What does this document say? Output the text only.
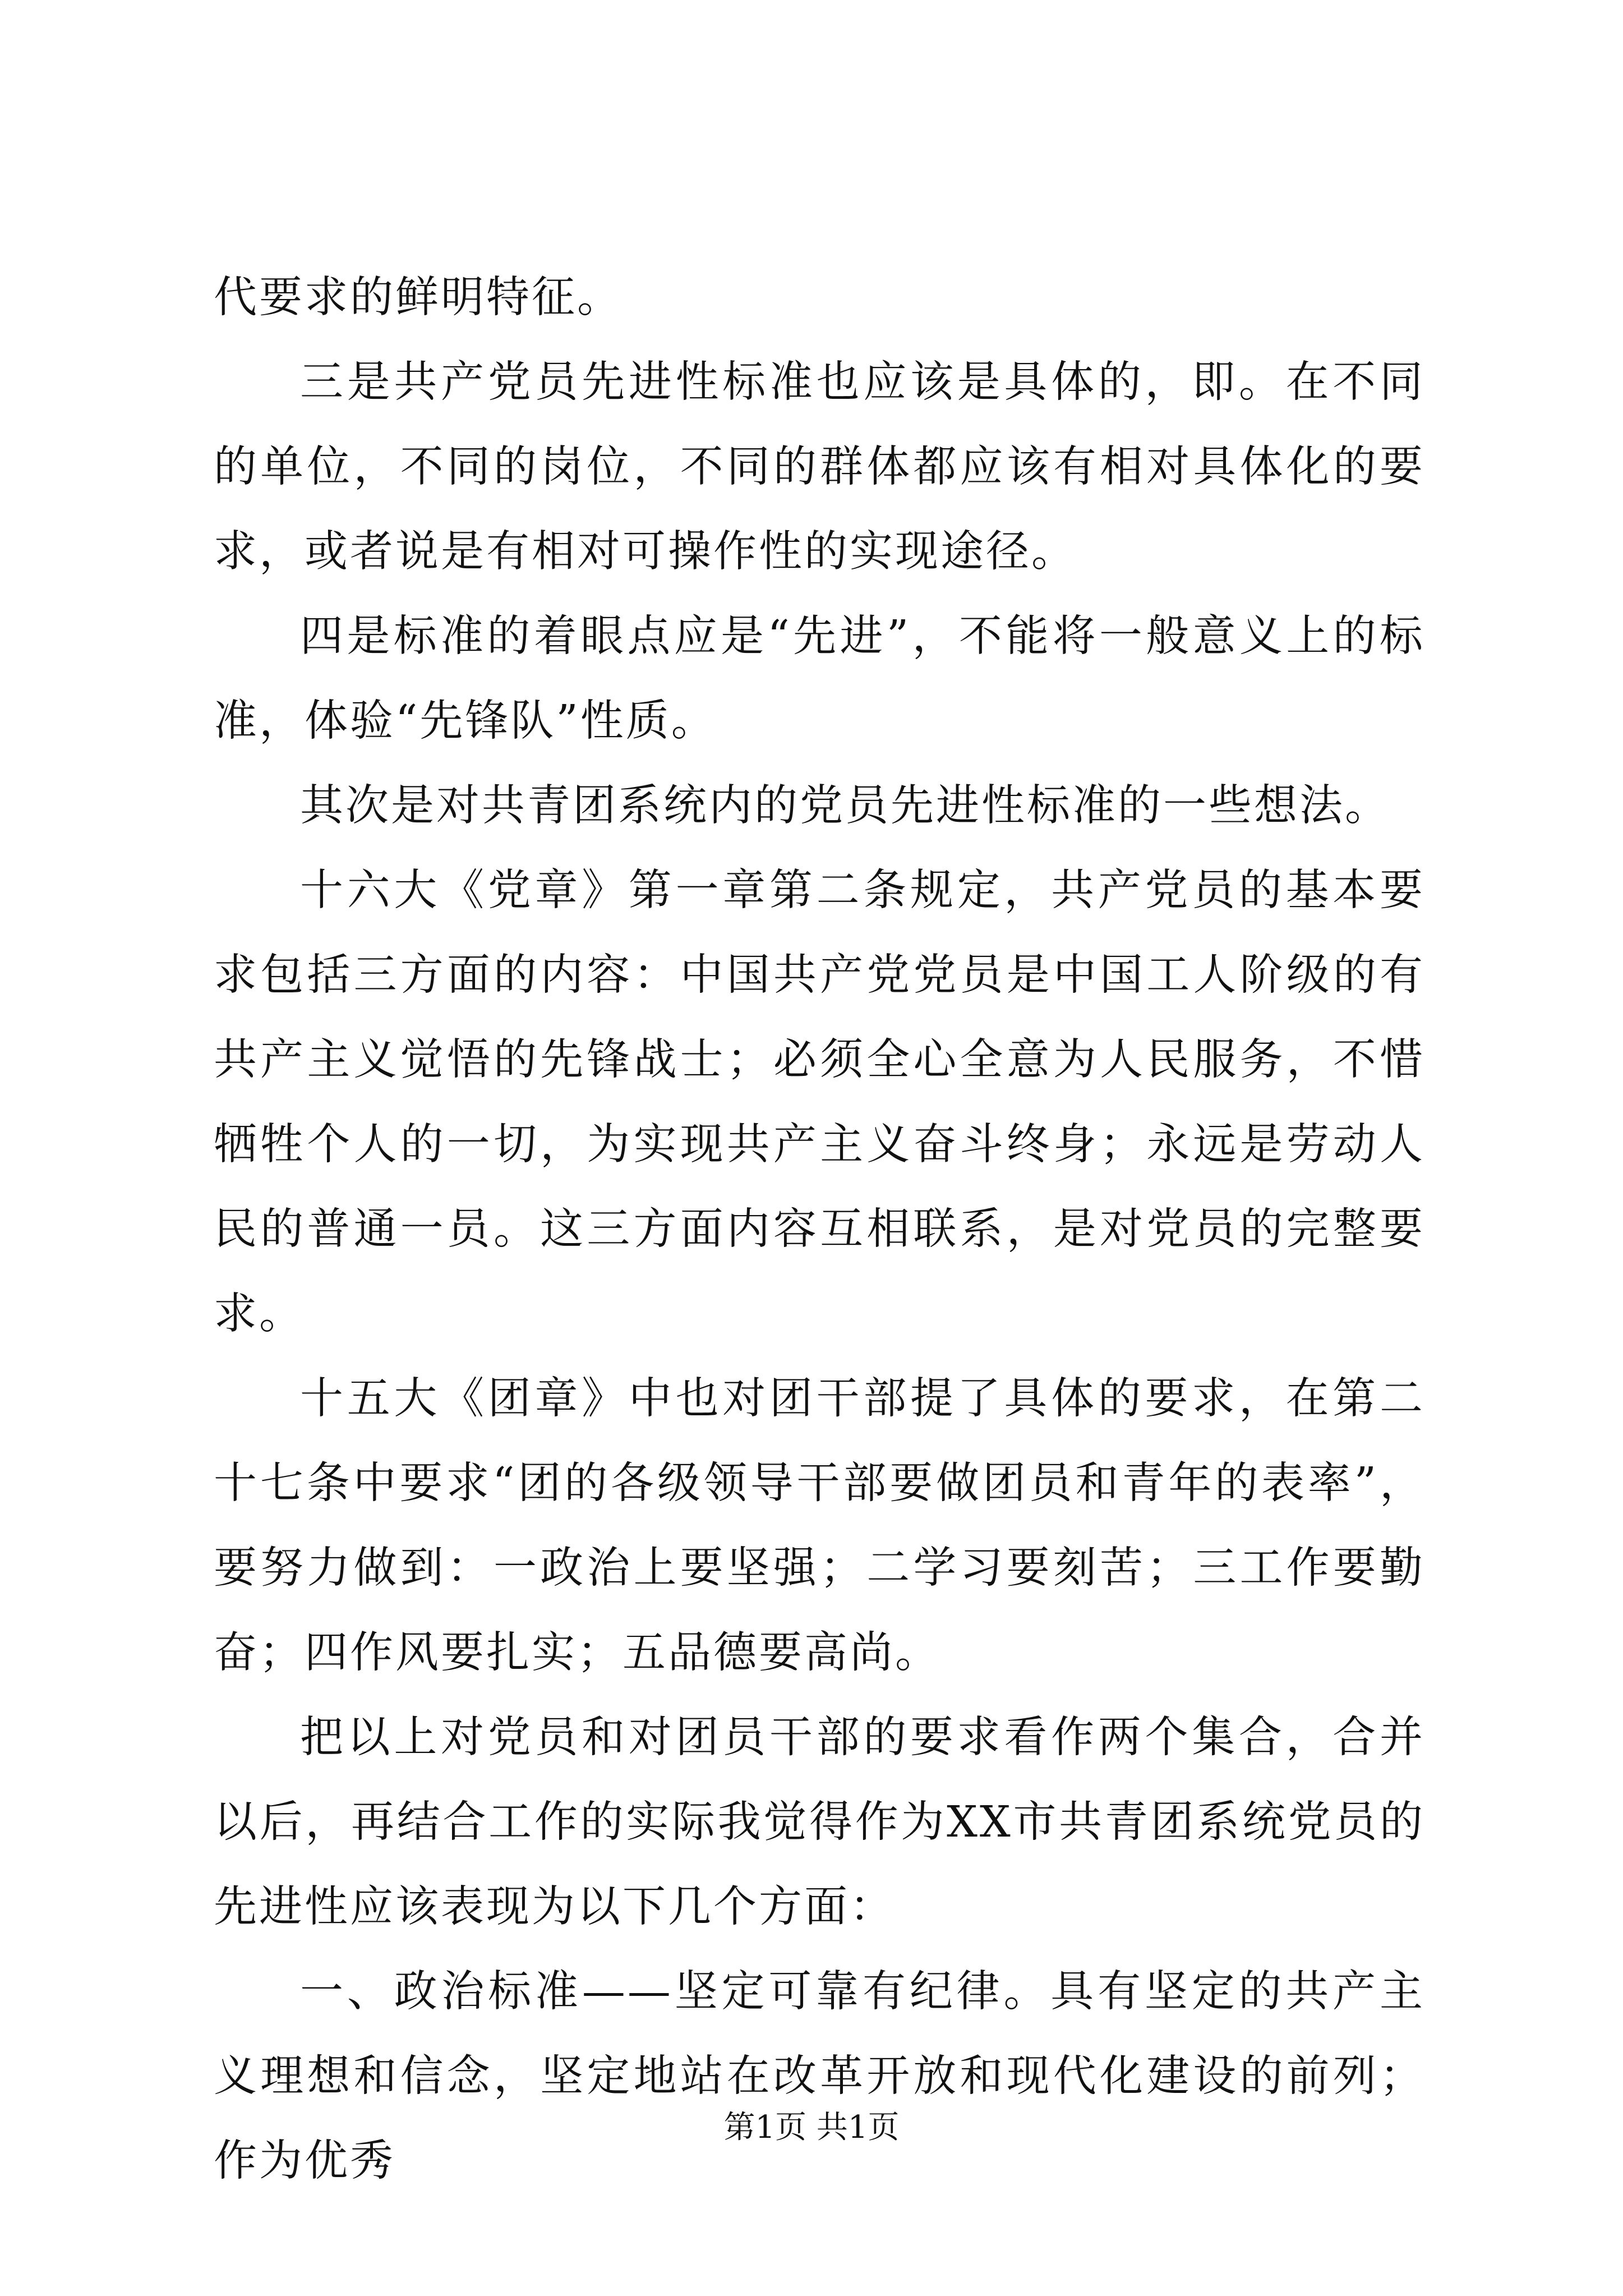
代要求的鲜明特征。

三是共产党员先进性标准也应该是具体的，即。在不同的单位，不同的岗位，不同的群体都应该有相对具体化的要求，或者说是有相对可操作性的实现途径。

四是标准的着眼点应是“先进”，不能将一般意义上的标准，体验“先锋队”性质。

其次是对共青团系统内的党员先进性标准的一些想法。

十六大《党章》第一章第二条规定，共产党员的基本要求包括三方面的内容：中国共产党党员是中国工人阶级的有共产主义觉悟的先锋战士；必须全心全意为人民服务，不惜牺牲个人的一切，为实现共产主义奋斗终身；永远是劳动人民的普通一员。这三方面内容互相联系，是对党员的完整要求。

十五大《团章》中也对团干部提了具体的要求，在第二十七条中要求“团的各级领导干部要做团员和青年的表率”，要努力做到：一政治上要坚强；二学习要刻苦；三工作要勤奋；四作风要扎实；五品德要高尚。

把以上对党员和对团员干部的要求看作两个集合，合并以后，再结合工作的实际我觉得作为XX市共青团系统党员的先进性应该表现为以下几个方面：

一、政治标准——坚定可靠有纪律。具有坚定的共产主义理想和信念，坚定地站在改革开放和现代化建设的前列；作为优秀

第1页 共1页
